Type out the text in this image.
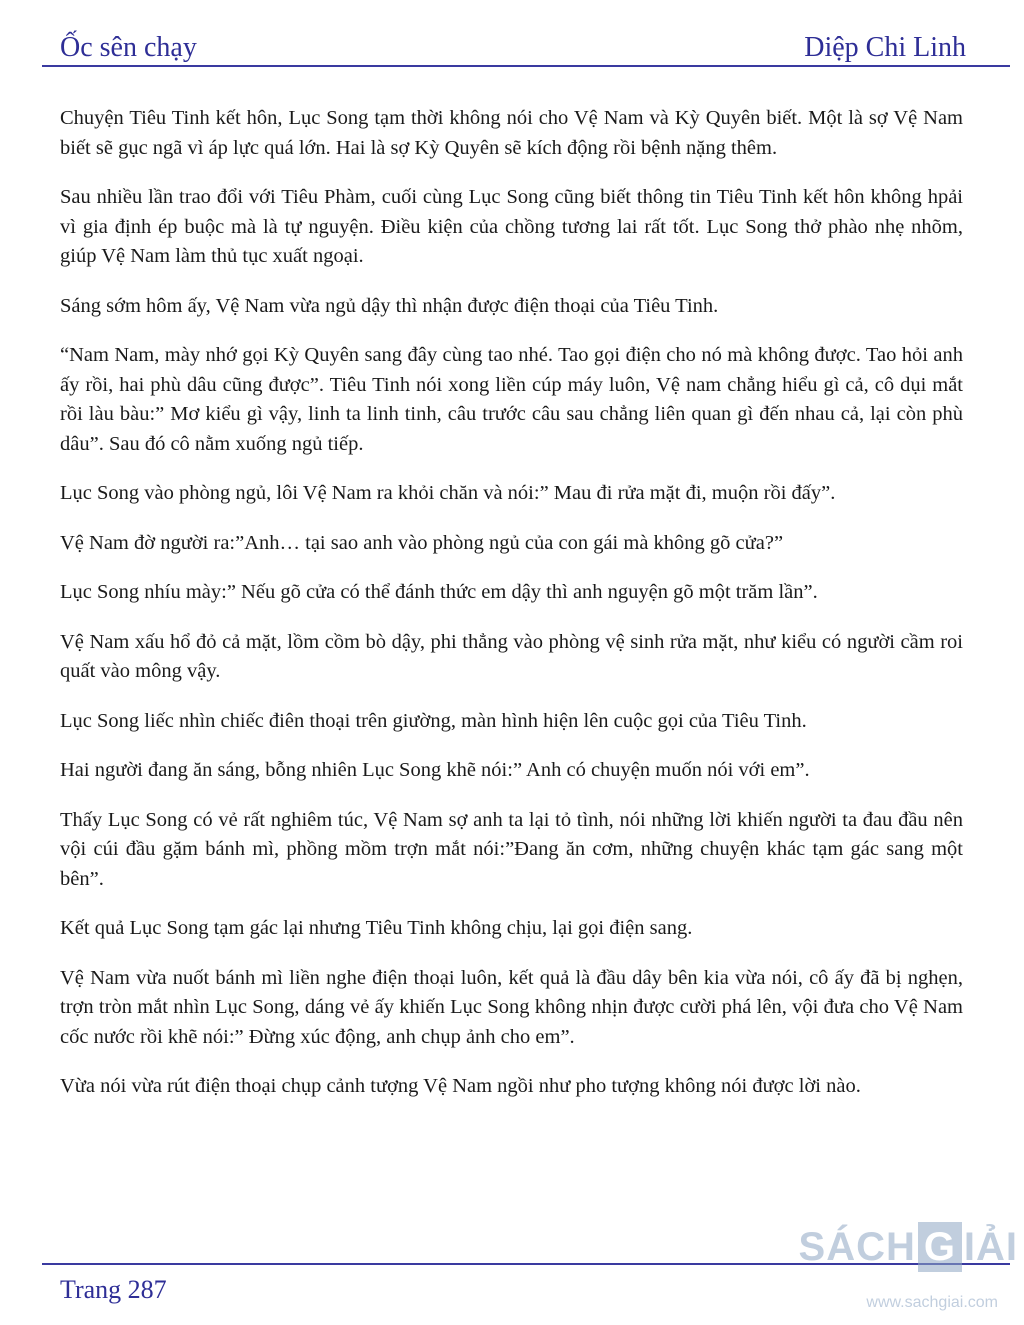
Ốc sên chạy	Diệp Chi Linh

Chuyện Tiêu Tinh kết hôn, Lục Song tạm thời không nói cho Vệ Nam và Kỳ Quyên biết. Một là sợ Vệ Nam biết sẽ gục ngã vì áp lực quá lớn. Hai là sợ Kỳ Quyên sẽ kích động rồi bệnh nặng thêm.

Sau nhiều lần trao đổi với Tiêu Phàm, cuối cùng Lục Song cũng biết thông tin Tiêu Tinh kết hôn không hpải vì gia định ép buộc mà là tự nguyện. Điều kiện của chồng tương lai rất tốt. Lục Song thở phào nhẹ nhõm, giúp Vệ Nam làm thủ tục xuất ngoại.

Sáng sớm hôm ấy, Vệ Nam vừa ngủ dậy thì nhận được điện thoại của Tiêu Tinh.

“Nam Nam, mày nhớ gọi Kỳ Quyên sang đây cùng tao nhé. Tao gọi điện cho nó mà không được. Tao hỏi anh ấy rồi, hai phù dâu cũng được”. Tiêu Tinh nói xong liền cúp máy luôn, Vệ nam chẳng hiểu gì cả, cô dụi mắt rồi làu bàu:” Mơ kiểu gì vậy, linh ta linh tinh, câu trước câu sau chẳng liên quan gì đến nhau cả, lại còn phù dâu”. Sau đó cô nằm xuống ngủ tiếp.

Lục Song vào phòng ngủ, lôi Vệ Nam ra khỏi chăn và nói:” Mau đi rửa mặt đi, muộn rồi đấy”.

Vệ Nam đờ người ra:”Anh… tại sao anh vào phòng ngủ của con gái mà không gõ cửa?”

Lục Song nhíu mày:” Nếu gõ cửa có thể đánh thức em dậy thì anh nguyện gõ một trăm lần”.

Vệ Nam xấu hổ đỏ cả mặt, lồm cồm bò dậy, phi thẳng vào phòng vệ sinh rửa mặt, như kiểu có người cầm roi quất vào mông vậy.

Lục Song liếc nhìn chiếc điên thoại trên giường, màn hình hiện lên cuộc gọi của Tiêu Tinh.

Hai người đang ăn sáng, bỗng nhiên Lục Song khẽ nói:” Anh có chuyện muốn nói với em”.

Thấy Lục Song có vẻ rất nghiêm túc, Vệ Nam sợ anh ta lại tỏ tình, nói những lời khiến người ta đau đầu nên vội cúi đầu gặm bánh mì, phồng mồm trợn mắt nói:”Đang ăn cơm, những chuyện khác tạm gác sang một bên”.

Kết quả Lục Song tạm gác lại nhưng Tiêu Tinh không chịu, lại gọi điện sang.

Vệ Nam vừa nuốt bánh mì liền nghe điện thoại luôn, kết quả là đầu dây bên kia vừa nói, cô ấy đã bị nghẹn, trợn tròn mắt nhìn Lục Song, dáng vẻ ấy khiến Lục Song không nhịn được cười phá lên, vội đưa cho Vệ Nam cốc nước rồi khẽ nói:” Đừng xúc động, anh chụp ảnh cho em”.

Vừa nói vừa rút điện thoại chụp cảnh tượng Vệ Nam ngồi như pho tượng không nói được lời nào.

Trang 287
SÁCH G IẢI
www.sachgiai.com
